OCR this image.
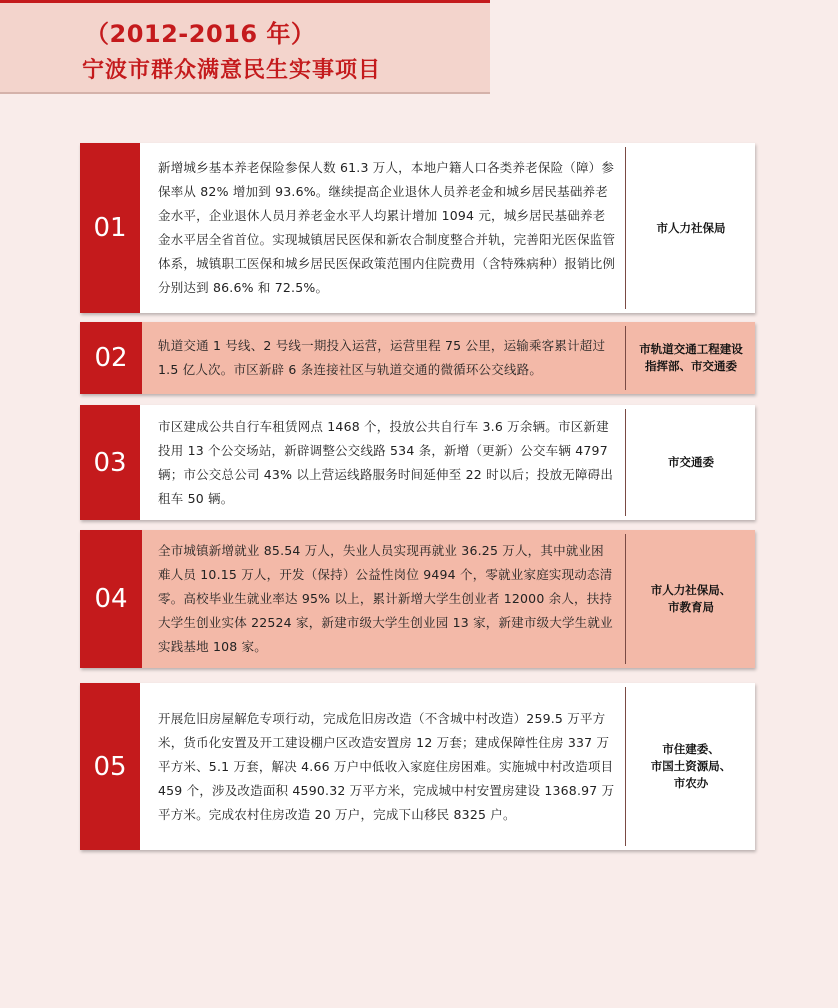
（2012-2016 年）
宁波市群众满意民生实事项目
01
新增城乡基本养老保险参保人数 61.3 万人，本地户籍人口各类养老保险（障）参保率从 82% 增加到 93.6%。继续提高企业退休人员养老金和城乡居民基础养老金水平，企业退休人员月养老金水平人均累计增加 1094 元，城乡居民基础养老金水平居全省首位。实现城镇居民医保和新农合制度整合并轨，完善阳光医保监管体系，城镇职工医保和城乡居民医保政策范围内住院费用（含特殊病种）报销比例分别达到 86.6% 和 72.5%。
市人力社保局
02	轨道交通 1 号线、2 号线一期投入运营，运营里程 75 公里，运输乘客累计超过 1.5 亿人次。市区新辟 6 条连接社区与轨道交通的微循环公交线路。
市轨道交通工程建设
指挥部、市交通委
03
市区建成公共自行车租赁网点 1468 个，投放公共自行车 3.6 万余辆。市区新建投用 13 个公交场站，新辟调整公交线路 534 条，新增（更新）公交车辆 4797 辆；市公交总公司 43% 以上营运线路服务时间延伸至 22 时以后；投放无障碍出租车 50 辆。
市交通委
04
全市城镇新增就业 85.54 万人，失业人员实现再就业 36.25 万人，其中就业困难人员 10.15 万人，开发（保持）公益性岗位 9494 个，零就业家庭实现动态清零。高校毕业生就业率达 95% 以上，累计新增大学生创业者 12000 余人，扶持大学生创业实体 22524 家，新建市级大学生创业园 13 家，新建市级大学生就业实践基地 108 家。
市人力社保局、
市教育局
05
开展危旧房屋解危专项行动，完成危旧房改造（不含城中村改造）259.5 万平方米，货币化安置及开工建设棚户区改造安置房 12 万套；建成保障性住房 337 万平方米、5.1 万套，解决 4.66 万户中低收入家庭住房困难。实施城中村改造项目 459 个，涉及改造面积 4590.32 万平方米，完成城中村安置房建设 1368.97 万平方米。完成农村住房改造 20 万户，完成下山移民 8325 户。
市住建委、
市国土资源局、
市农办
